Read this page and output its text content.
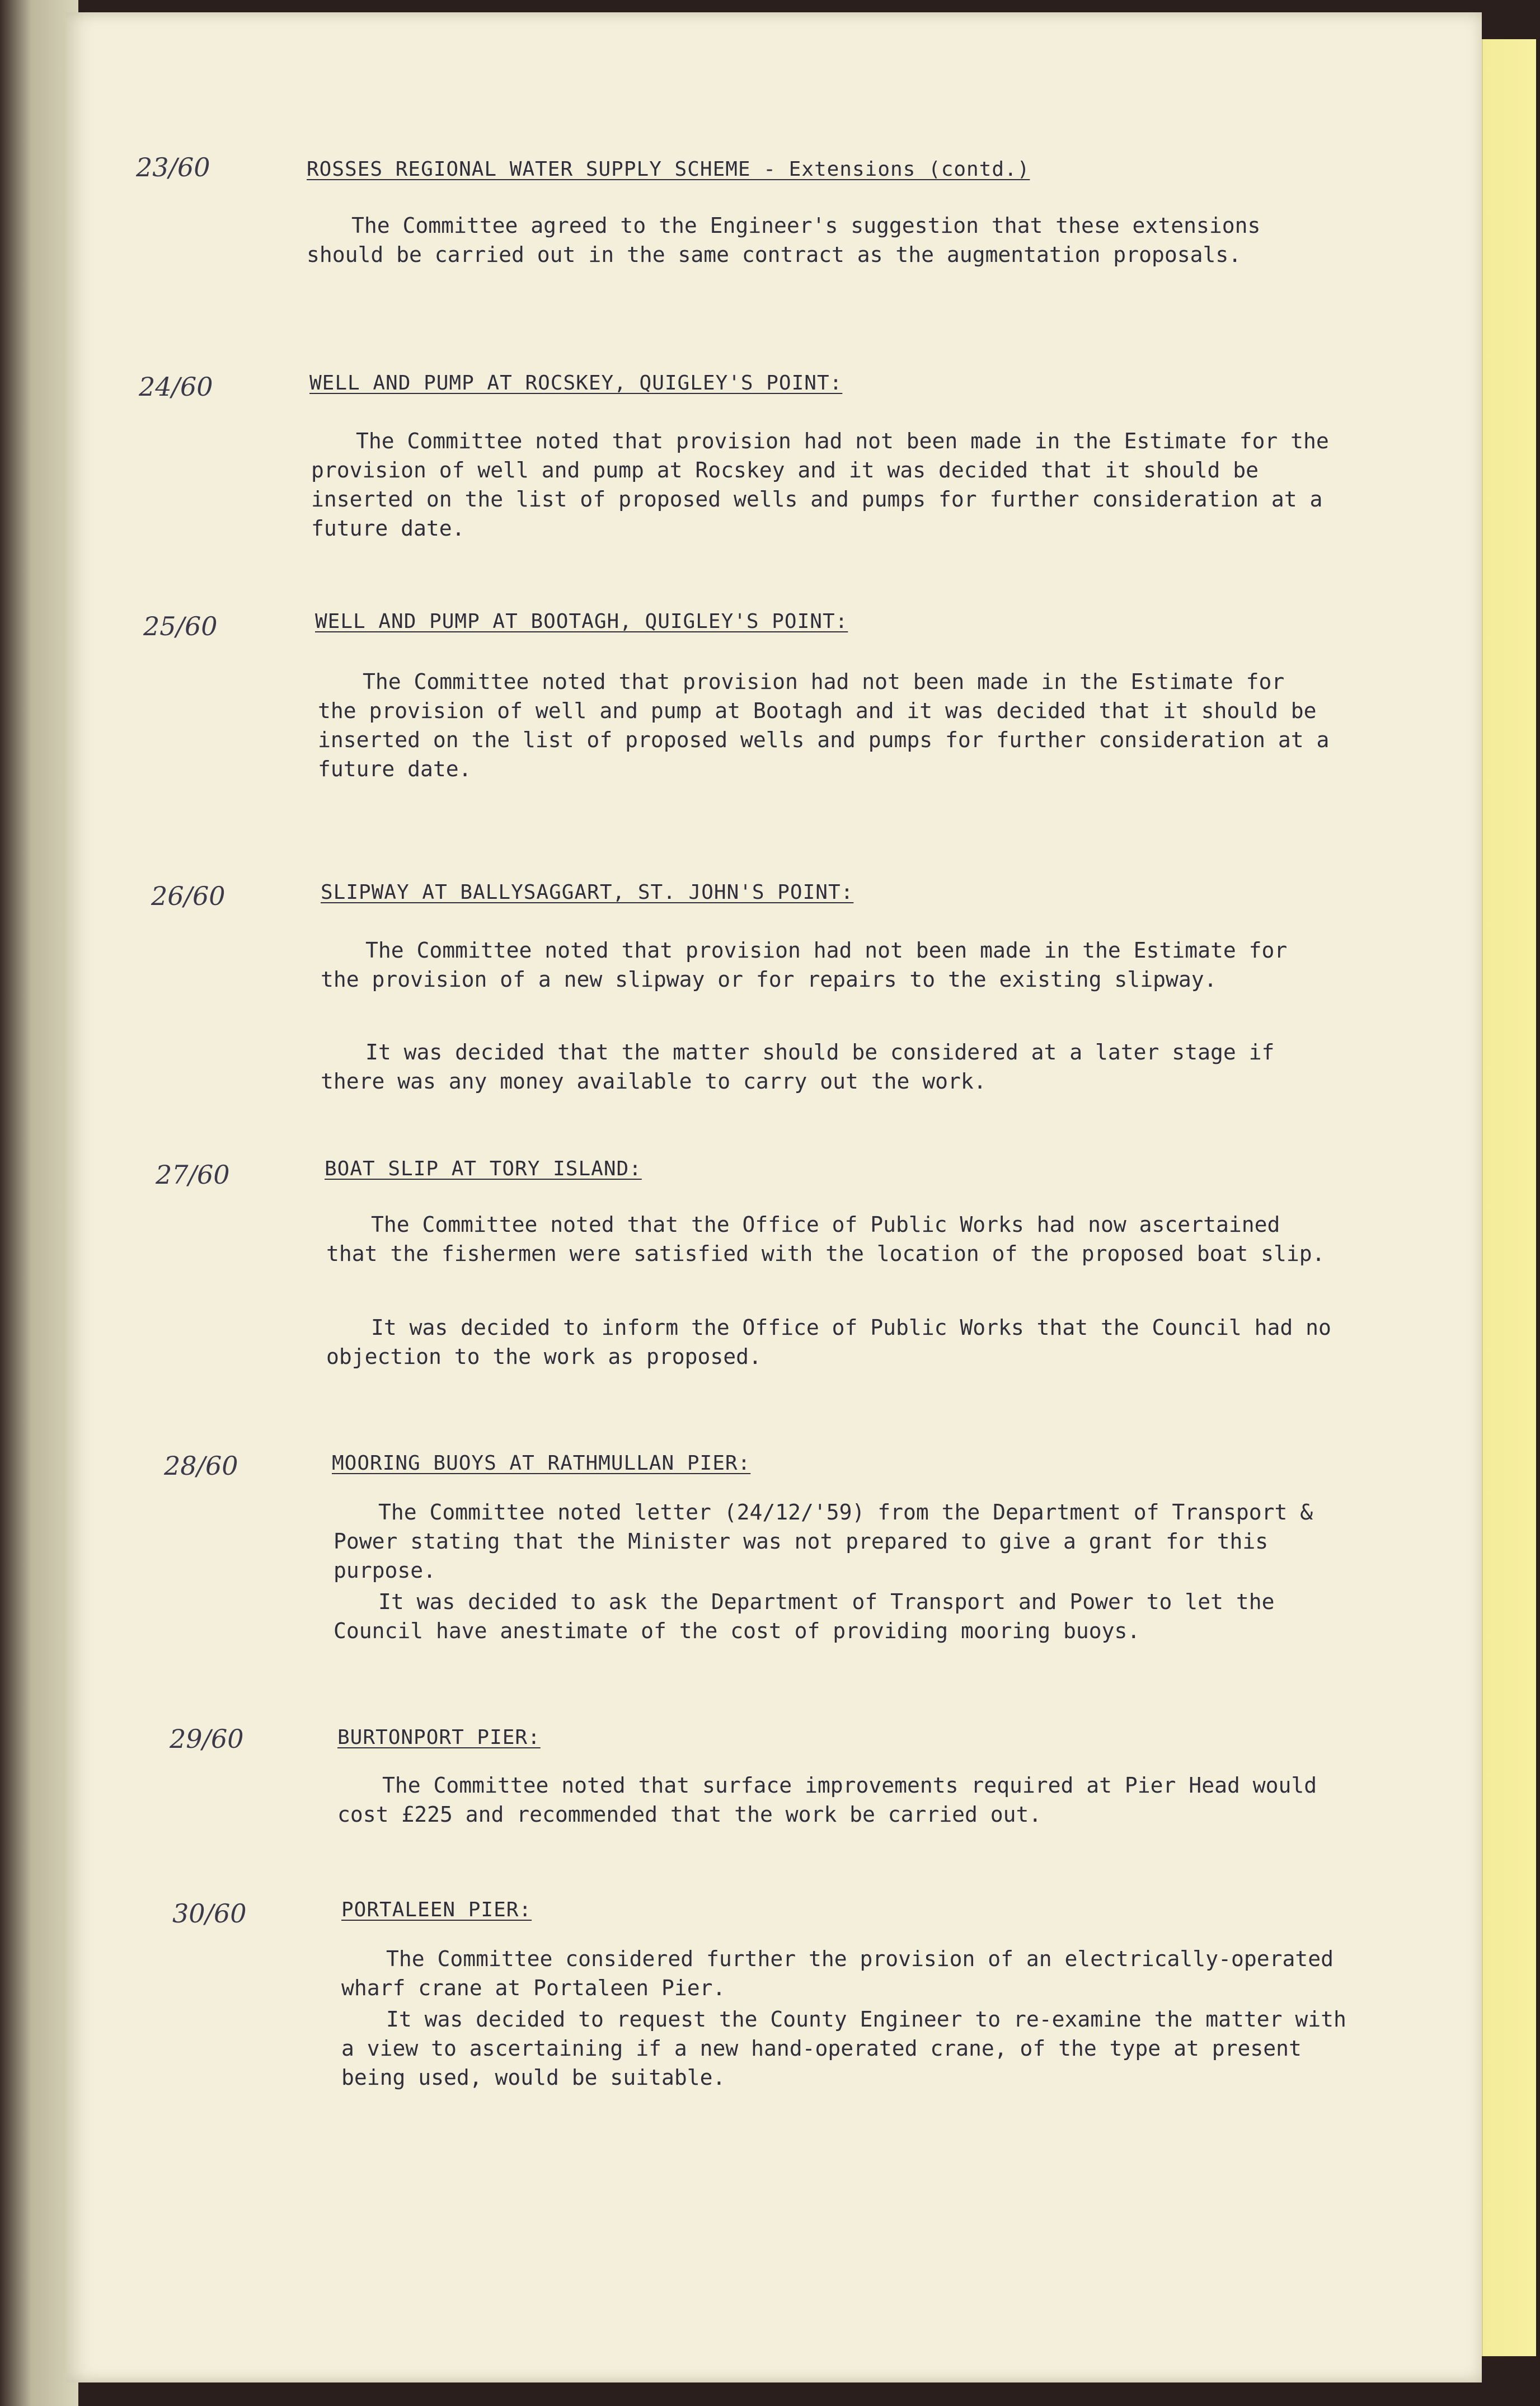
23/60	ROSSES REGIONAL WATER SUPPLY SCHEME - Extensions (contd.)

The Committee agreed to the Engineer's suggestion that these extensions should be carried out in the same contract as the augmentation proposals.

24/60	WELL AND PUMP AT ROCSKEY, QUIGLEY'S POINT:

The Committee noted that provision had not been made in the Estimate for the provision of well and pump at Rocskey and it was decided that it should be inserted on the list of proposed wells and pumps for further consideration at a future date.

25/60	WELL AND PUMP AT BOOTAGH, QUIGLEY'S POINT:

The Committee noted that provision had not been made in the Estimate for the provision of well and pump at Bootagh and it was decided that it should be inserted on the list of proposed wells and pumps for further consideration at a future date.

26/60	SLIPWAY AT BALLYSAGGART, ST. JOHN'S POINT:

The Committee noted that provision had not been made in the Estimate for the provision of a new slipway or for repairs to the existing slipway.

It was decided that the matter should be considered at a later stage if there was any money available to carry out the work.

27/60	BOAT SLIP AT TORY ISLAND:

The Committee noted that the Office of Public Works had now ascertained that the fishermen were satisfied with the location of the proposed boat slip.

It was decided to inform the Office of Public Works that the Council had no objection to the work as proposed.

28/60	MOORING BUOYS AT RATHMULLAN PIER:

The Committee noted letter (24/12/'59) from the Department of Transport & Power stating that the Minister was not prepared to give a grant for this purpose.

It was decided to ask the Department of Transport and Power to let the Council have anestimate of the cost of providing mooring buoys.

29/60	BURTONPORT PIER:

The Committee noted that surface improvements required at Pier Head would cost £225 and recommended that the work be carried out.

30/60	PORTALEEN PIER:

The Committee considered further the provision of an electrically-operated wharf crane at Portaleen Pier.

It was decided to request the County Engineer to re-examine the matter with a view to ascertaining if a new hand-operated crane, of the type at present being used, would be suitable.
